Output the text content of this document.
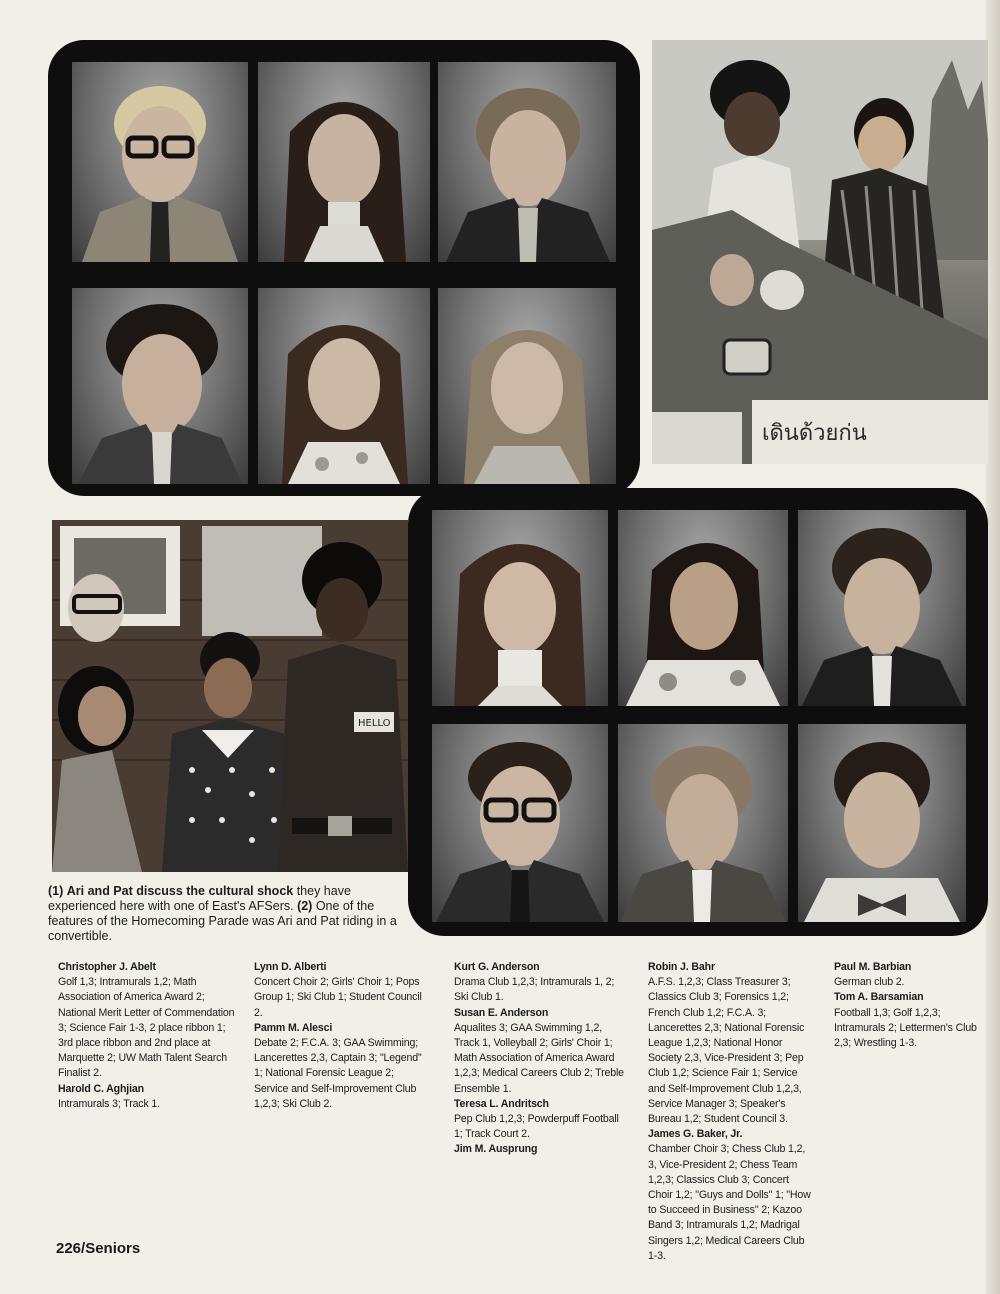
เดินด้วยก่น
HELLO
(1) Ari and Pat discuss the cultural shock they have experienced here with one of East's AFSers. (2) One of the features of the Homecoming Parade was Ari and Pat riding in a convertible.
Christopher J. Abelt
Golf 1,3; Intramurals 1,2; Math Association of America Award 2; National Merit Letter of Commendation 3; Science Fair 1-3, 2 place ribbon 1; 3rd place ribbon and 2nd place at Marquette 2; UW Math Talent Search Finalist 2.
Harold C. Aghjian
Intramurals 3; Track 1.
Lynn D. Alberti
Concert Choir 2; Girls' Choir 1; Pops Group 1; Ski Club 1; Student Council 2.
Pamm M. Alesci
Debate 2; F.C.A. 3; GAA Swimming; Lancerettes 2,3, Captain 3; "Legend" 1; National Forensic League 2; Service and Self-Improvement Club 1,2,3; Ski Club 2.
Kurt G. Anderson
Drama Club 1,2,3; Intramurals 1, 2; Ski Club 1.
Susan E. Anderson
Aqualites 3; GAA Swimming 1,2, Track 1, Volleyball 2; Girls' Choir 1; Math Association of America Award 1,2,3; Medical Careers Club 2; Treble Ensemble 1.
Teresa L. Andritsch
Pep Club 1,2,3; Powderpuff Football 1; Track Court 2.
Jim M. Ausprung
Robin J. Bahr
A.F.S. 1,2,3; Class Treasurer 3; Classics Club 3; Forensics 1,2; French Club 1,2; F.C.A. 3; Lancerettes 2,3; National Forensic League 1,2,3; National Honor Society 2,3, Vice-President 3; Pep Club 1,2; Science Fair 1; Service and Self-Improvement Club 1,2,3, Service Manager 3; Speaker's Bureau 1,2; Student Council 3.
James G. Baker, Jr.
Chamber Choir 3; Chess Club 1,2, 3, Vice-President 2; Chess Team 1,2,3; Classics Club 3; Concert Choir 1,2; "Guys and Dolls" 1; "How to Succeed in Business" 2; Kazoo Band 3; Intramurals 1,2; Madrigal Singers 1,2; Medical Careers Club 1-3.
Paul M. Barbian
German club 2.
Tom A. Barsamian
Football 1,3; Golf 1,2,3; Intramurals 2; Lettermen's Club 2,3; Wrestling 1-3.
226/Seniors
